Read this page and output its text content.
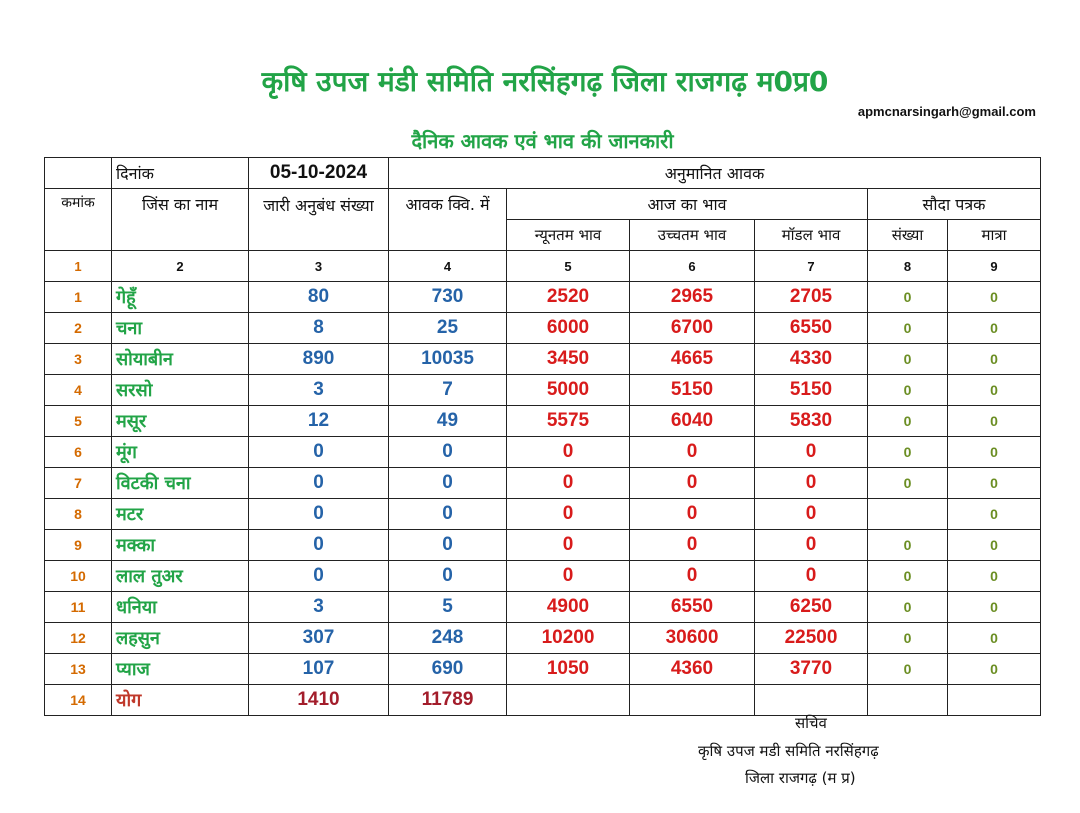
कृषि उपज मंडी समिति नरसिंहगढ़ जिला राजगढ़ म0प्र0
apmcnarsingarh@gmail.com
दैनिक आवक एवं भाव की जानकारी
	दिनांक	05-10-2024	अनुमानित आवक					
कमांक	जिंस का नाम	जारी अनुबंध संख्या	आवक क्वि. में	आज का भाव			सौदा पत्रक	
				न्यूनतम भाव	उच्चतम भाव	मॉडल भाव	संख्या	मात्रा
1	2	3	4	5	6	7	8	9
1	गेहूँ	80	730	2520	2965	2705	0	0
2	चना	8	25	6000	6700	6550	0	0
3	सोयाबीन	890	10035	3450	4665	4330	0	0
4	सरसो	3	7	5000	5150	5150	0	0
5	मसूर	12	49	5575	6040	5830	0	0
6	मूंग	0	0	0	0	0	0	0
7	विटकी चना	0	0	0	0	0	0	0
8	मटर	0	0	0	0	0		0
9	मक्का	0	0	0	0	0	0	0
10	लाल तुअर	0	0	0	0	0	0	0
11	धनिया	3	5	4900	6550	6250	0	0
12	लहसुन	307	248	10200	30600	22500	0	0
13	प्याज	107	690	1050	4360	3770	0	0
14	योग	1410	11789					
सचिव
कृषि उपज मडी समिति नरसिंहगढ़
जिला राजगढ़ (म प्र)
